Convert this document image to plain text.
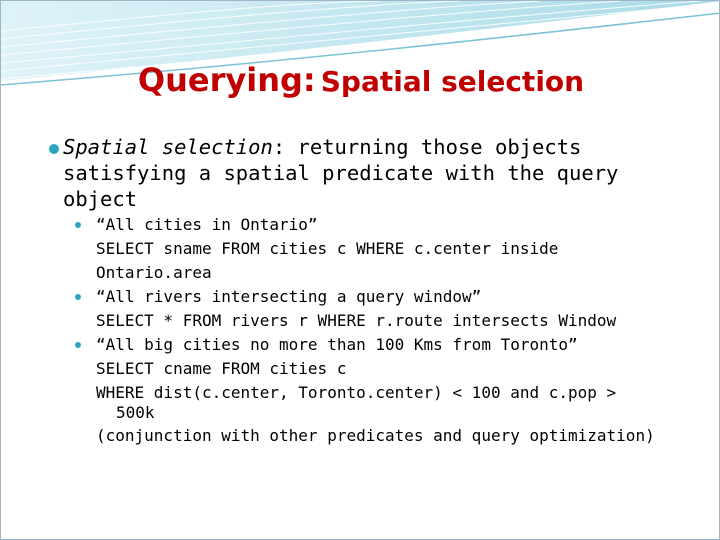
Querying: Spatial selection
Spatial selection: returning those objects satisfying a spatial predicate with the query object
“All cities in Ontario”
SELECT sname FROM cities c WHERE c.center inside
Ontario.area
“All rivers intersecting a query window”
SELECT * FROM rivers r WHERE r.route intersects Window
“All big cities no more than 100 Kms from Toronto”
SELECT cname FROM cities c
WHERE dist(c.center, Toronto.center) < 100 and c.pop >
500k
(conjunction with other predicates and query optimization)
